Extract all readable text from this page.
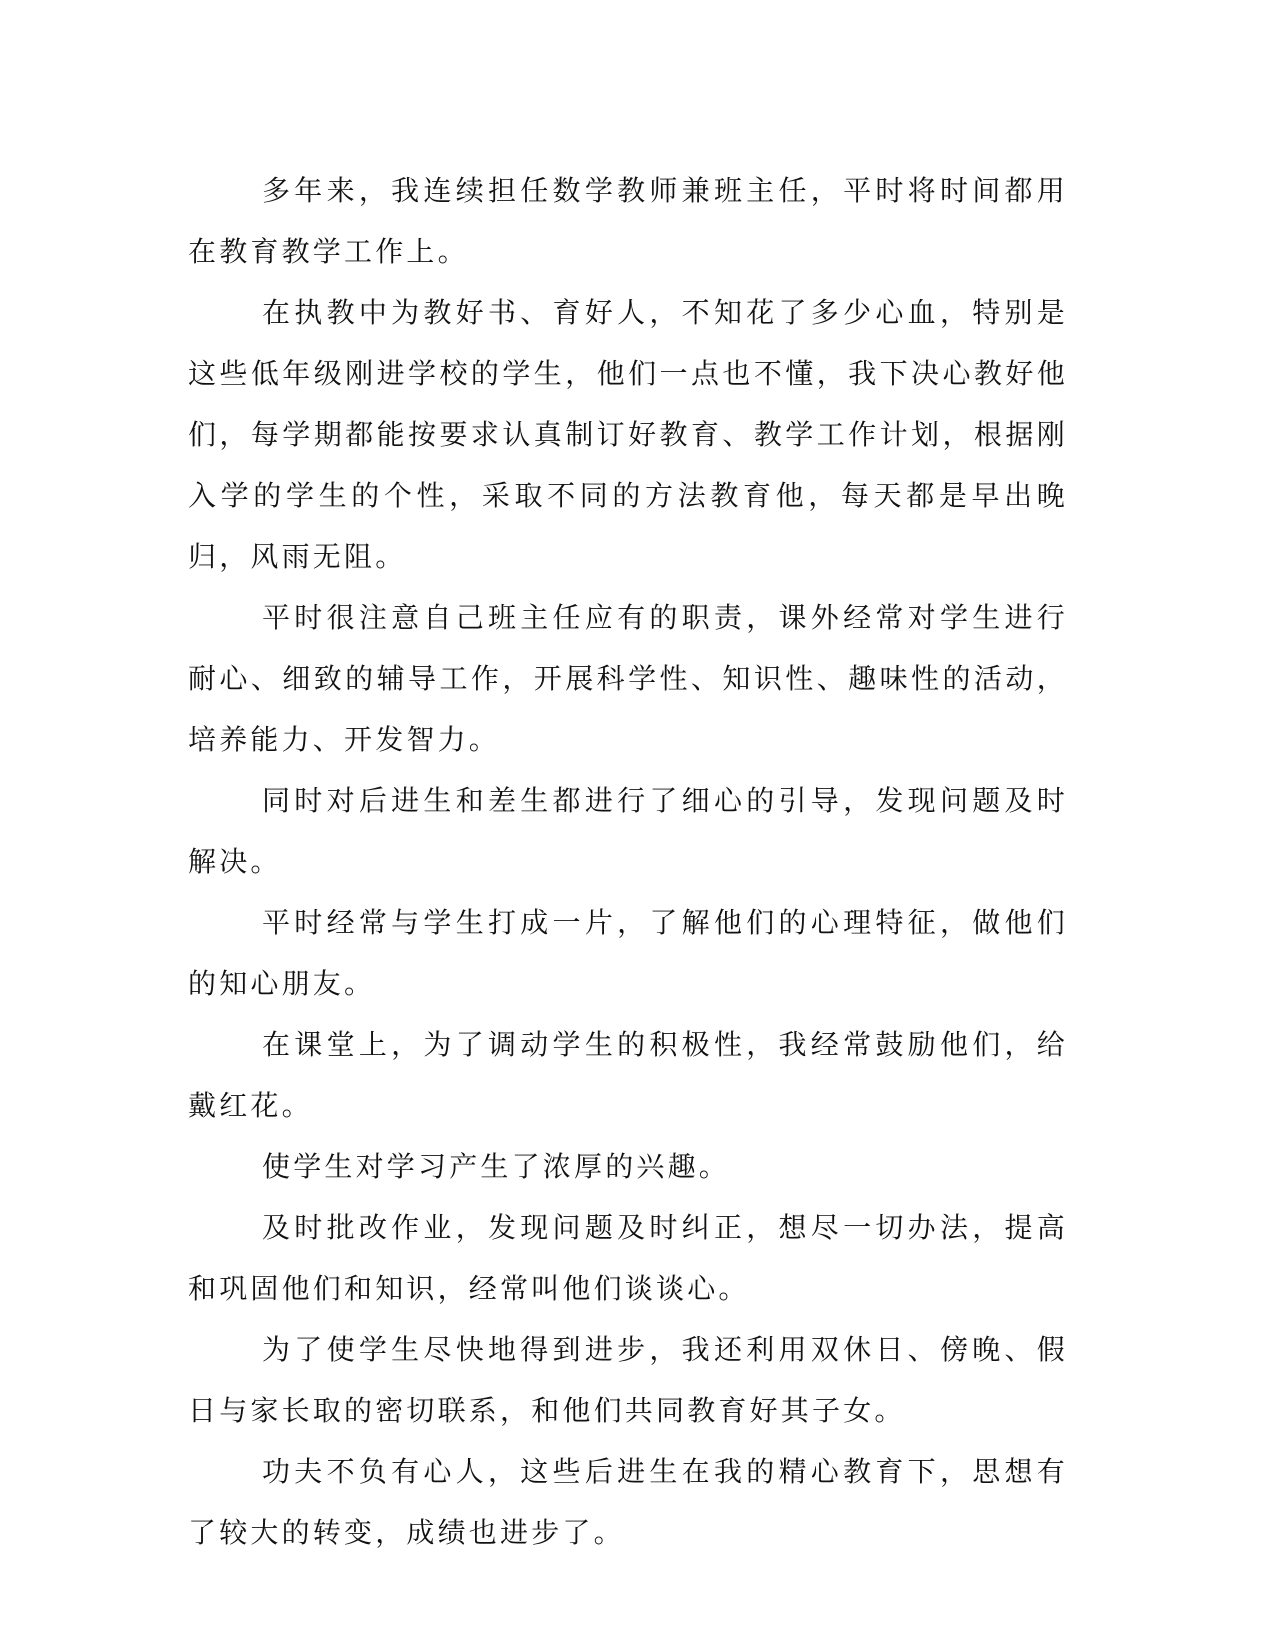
多年来，我连续担任数学教师兼班主任，平时将时间都用在教育教学工作上。

在执教中为教好书、育好人，不知花了多少心血，特别是这些低年级刚进学校的学生，他们一点也不懂，我下决心教好他们，每学期都能按要求认真制订好教育、教学工作计划，根据刚入学的学生的个性，采取不同的方法教育他，每天都是早出晚归，风雨无阻。

平时很注意自己班主任应有的职责，课外经常对学生进行耐心、细致的辅导工作，开展科学性、知识性、趣味性的活动，培养能力、开发智力。

同时对后进生和差生都进行了细心的引导，发现问题及时解决。

平时经常与学生打成一片，了解他们的心理特征，做他们的知心朋友。

在课堂上，为了调动学生的积极性，我经常鼓励他们，给戴红花。

使学生对学习产生了浓厚的兴趣。

及时批改作业，发现问题及时纠正，想尽一切办法，提高和巩固他们和知识，经常叫他们谈谈心。

为了使学生尽快地得到进步，我还利用双休日、傍晚、假日与家长取的密切联系，和他们共同教育好其子女。

功夫不负有心人，这些后进生在我的精心教育下，思想有了较大的转变，成绩也进步了。
